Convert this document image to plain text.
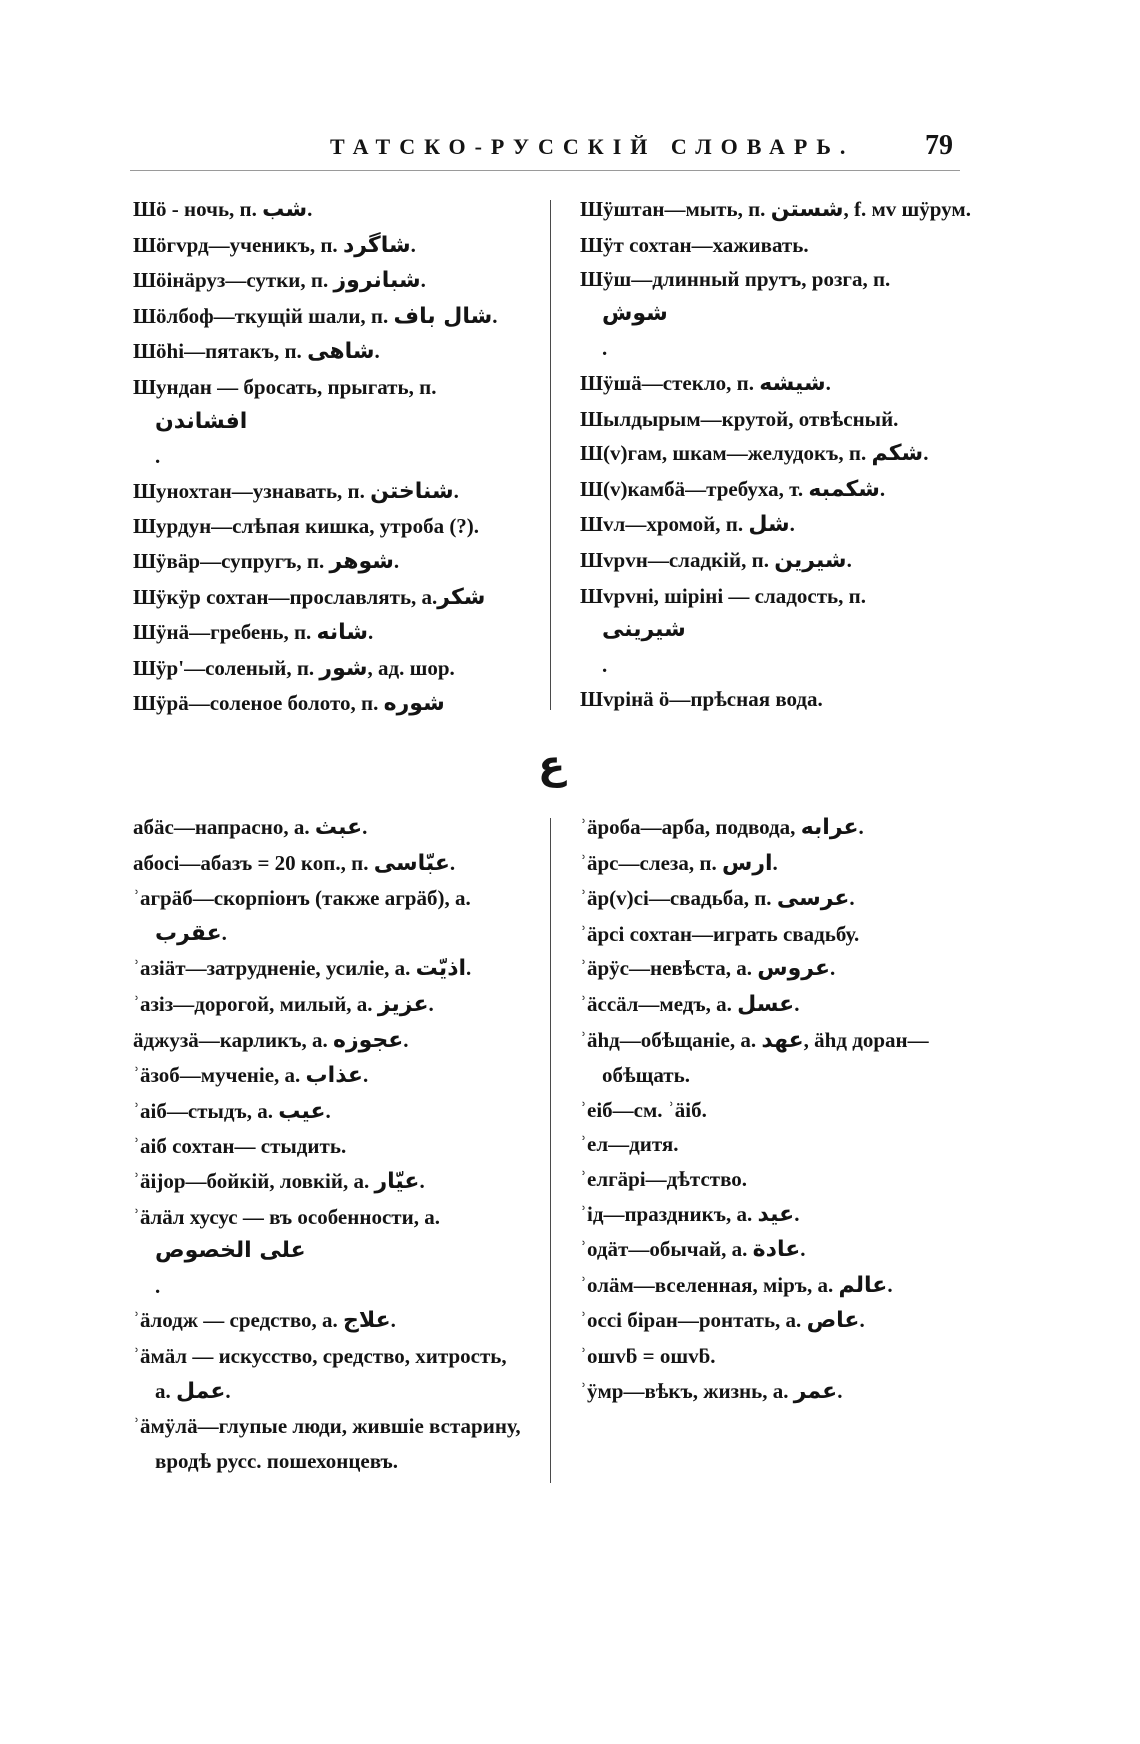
ТАТСКО-РУССКІЙ СЛОВАРЬ.	79
Шö - ночь, п. شب.
Шöгvрд—ученикъ, п. شاگرد.
Шöiнäруз—сутки, п. شبانروز.
Шöлбоф—ткущій шали, п. شال باف.
Шöhi—пятакъ, п. شاهی.
Шундан — бросать, прыгать, п.
افشاندن
.
Шунохтан—узнавать, п. شناختن.
Шурдун—слѣпая кишка, утроба (?).
Шÿвäр—супругъ, п. شوهر.
Шÿкÿр сохтан—прославлять, а.شكر
Шÿнä—гребень, п. شانه.
Шÿр'—соленый, п. شور, ад. шор.
Шÿрä—соленое болото, п. شوره
Шÿштан—мыть, п. شستن, f. мv шÿрум.
Шÿт сохтан—хаживать.
Шÿш—длинный прутъ, розга, п.
شوش
.
Шÿшä—стекло, п. شیشه.
Шылдырым—крутой, отвѣсный.
Ш(v)гам, шкам—желудокъ, п. شكم.
Ш(v)камбä—требуха, т. شكمبه.
Шvл—хромой, п. شل.
Шvрvн—сладкій, п. شیرین.
Шvрvнi, шiрiнi — сладость, п.
شیرینی
.
Шvрiнä ö—прѣсная вода.
ع
абäс—напрасно, а. عبث.
абосi—абазъ = 20 коп., п. عبّاسی.
ʾагрäб—скорпіонъ (также агрäб), а. عقرب.
ʾазiäт—затрудненіе, усиліе, а. اذیّت.
ʾазiз—дорогой, милый, а. عزیز.
äджузä—карликъ, а. عجوزه.
ʾäзоб—мученіе, а. عذاب.
ʾaiб—стыдъ, а. عیب.
ʾaiб сохтан— стыдить.
ʾäijор—бойкій, ловкій, а. عیّار.
ʾäлäл хусус — въ особенности, а.
على الخصوص
.
ʾäлодж — средство, а. علاج.
ʾäмäл — искусство, средство, хитрость, а. عمل.
ʾäмÿлä—глупые люди, жившіе встарину, вродѣ русс. пошехонцевъ.
ʾäроба—арба, подвода, عرابه.
ʾäрс—слеза, п. ارس.
ʾäр(v)сi—свадьба, п. عرسی.
ʾäрсi сохтан—играть свадьбу.
ʾäрÿс—невѣста, а. عروس.
ʾäссäл—медъ, а. عسل.
ʾähд—обѣщаніе, а. عهد, ähд доран—обѣщать.
ʾеiб—см. ʾäiб.
ʾел—дитя.
ʾелгäрi—дѣтство.
ʾiд—праздникъ, а. عید.
ʾодäт—обычай, а. عادة.
ʾолäм—вселенная, міръ, а. عالم.
ʾоссi біран—ронтать, а. عاص.
ʾошvƃ = ошvƃ.
ʾÿмр—вѣкъ, жизнь, а. عمر.
